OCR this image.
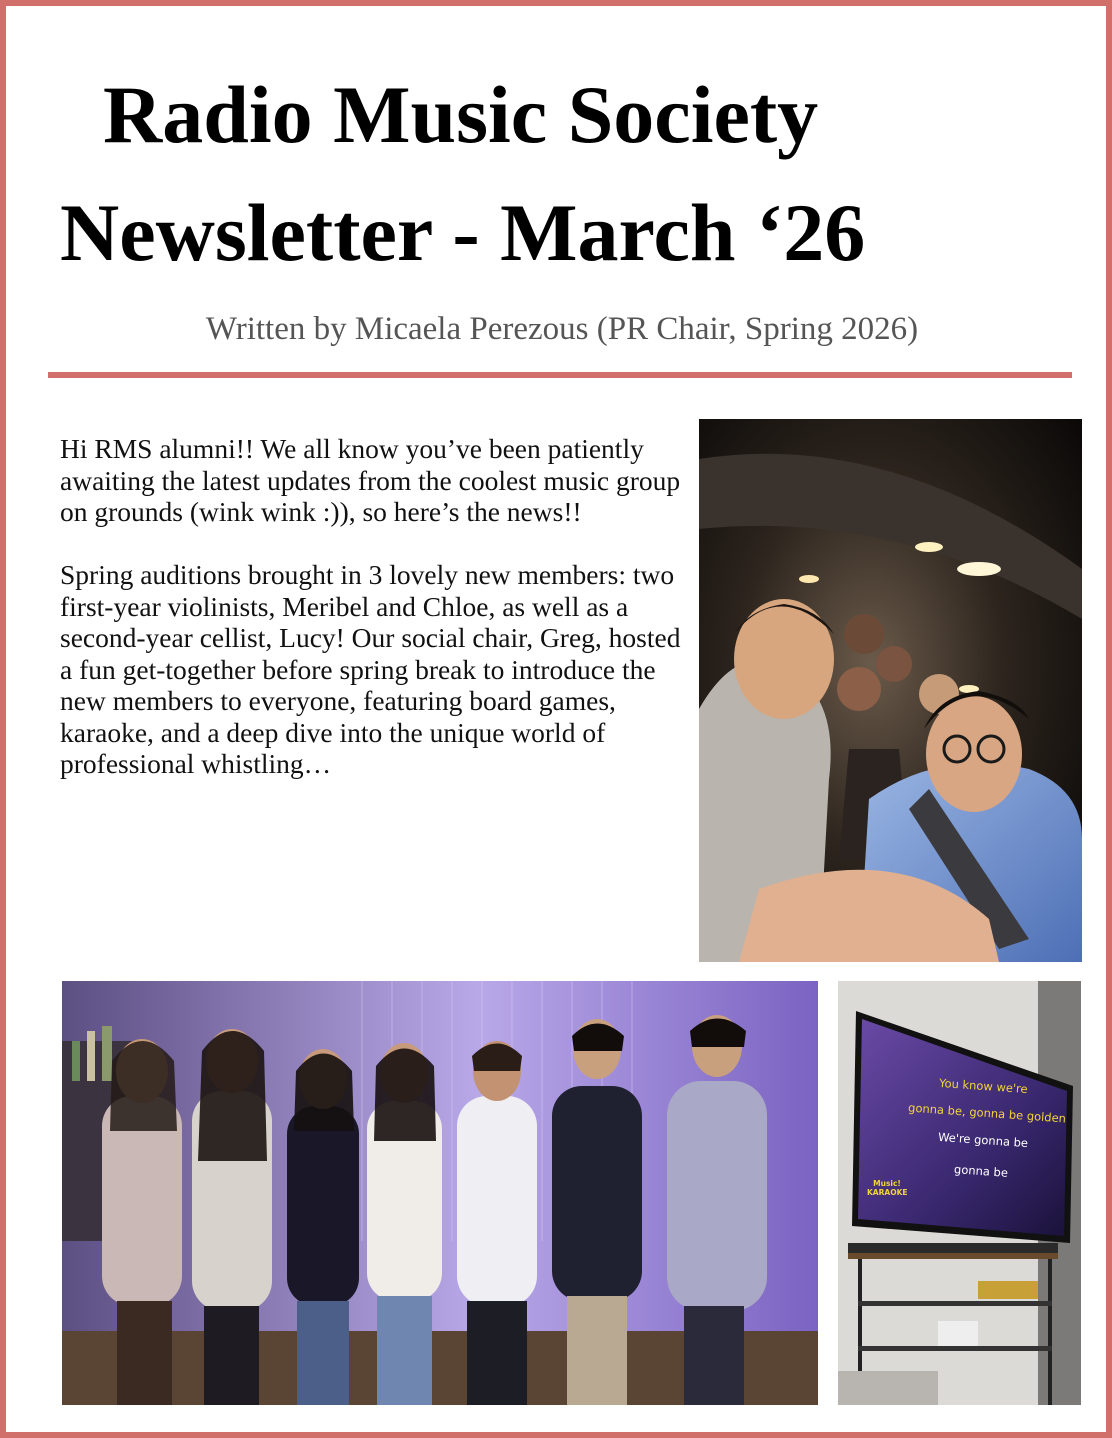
Radio Music Society
Newsletter - March ‘26
Written by Micaela Perezous (PR Chair, Spring 2026)

Hi RMS alumni!! We all know you’ve been patiently awaiting the latest updates from the coolest music group on grounds (wink wink :)), so here’s the news!!

Spring auditions brought in 3 lovely new members: two first-year violinists, Meribel and Chloe, as well as a second-year cellist, Lucy! Our social chair, Greg, hosted a fun get-together before spring break to introduce the new members to everyone, featuring board games, karaoke, and a deep dive into the unique world of professional whistling…

You know we're
gonna be, gonna be golden
We're gonna be
gonna be
Music! KARAOKE
